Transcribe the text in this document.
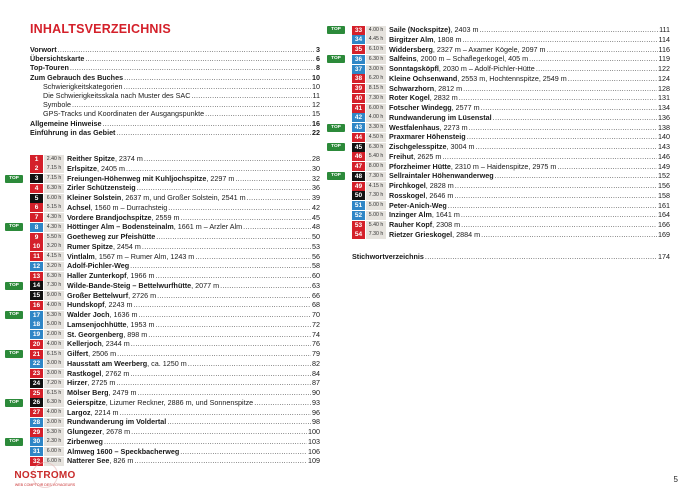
INHALTSVERZEICHNIS
Vorwort .....	3
Übersichtskarte .....	6
Top-Touren .....	8
Zum Gebrauch des Buches .....	10
Schwierigkeitskategorien .....	10
Die Schwierigkeitsskala nach Muster des SAC .....	11
Symbole .....	12
GPS-Tracks und Koordinaten der Ausgangspunkte .....	15
Allgemeine Hinweise .....	16
Einführung in das Gebiet .....	22
1	2.40 h Reither Spitze , 2374 m .....	28
2	7.15 h Erlspitze , 2405 m .....	30
TOP	3	7.15 h Freiungen-Höhenweg mit Kuhljochspitze , 2297 m .....	32
4	6.30 h Zirler Schützensteig .....	36
5	6.00 h Kleiner Solstein , 2637 m, und Großer Solstein, 2541 m .....	39
6	5.15 h Achsel , 1560 m – Durrachsteig .....	42
7	4.30 h Vordere Brandjochspitze , 2559 m .....	45
TOP	8	4.30 h Höttinger Alm – Bodensteinalm , 1661 m – Arzler Alm .....	48
9	5.50 h Goetheweg zur Pfeishütte .....	50
10	3.20 h Rumer Spitze , 2454 m .....	53
11	4.15 h Vintlalm , 1567 m – Rumer Alm, 1243 m .....	56
12	3.20 h Adolf-Pichler-Weg .....	58
13	6.30 h Haller Zunterkopf , 1966 m .....	60
TOP	14	7.30 h Wilde-Bande-Steig – Bettelwurfhütte , 2077 m .....	63
15	9.00 h Großer Bettelwurf , 2726 m .....	66
16	4.00 h Hundskopf , 2243 m .....	68
TOP	17	5.30 h Walder Joch , 1636 m .....	70
18	5.00 h Lamsenjochhütte , 1953 m .....	72
19	2.00 h St. Georgenberg , 898 m .....	74
20	4.00 h Kellerjoch , 2344 m .....	76
TOP	21	6.15 h Gilfert , 2506 m .....	79
22	3.00 h Hausstatt am Weerberg , ca. 1250 m .....	82
23	3.00 h Rastkogel , 2762 m .....	84
24	7.20 h Hirzer , 2725 m .....	87
25	6.15 h Mölser Berg , 2479 m .....	90
TOP	26	6.30 h Geierspitze , Lizumer Reckner, 2886 m, und Sonnenspitze .....	93
27	4.00 h Largoz , 2214 m .....	96
28	3.00 h Rundwanderung im Voldertal .....	98
29	5.30 h Glungezer , 2678 m .....	100
TOP	30	2.30 h Zirbenweg .....	103
31	6.00 h Almweg 1600 – Speckbacherweg .....	106
32	6.00 h Natterer See , 826 m .....	109
TOP	33	4.00 h Saile (Nockspitze) , 2403 m .....	111
34	4.45 h Birgitzer Alm , 1808 m .....	114
35	6.10 h Widdersberg , 2327 m – Axamer Kögele, 2097 m .....	116
TOP	36	6.30 h Salfeins , 2000 m – Schaflegerkogel, 405 m .....	119
37	3.00 h Sonntagsköpfl , 2030 m – Adolf-Pichler-Hütte .....	122
38	6.20 h Kleine Ochsenwand , 2553 m, Hochtennspitze, 2549 m .....	124
39	8.15 h Schwarzhorn , 2812 m .....	128
40	7.30 h Roter Kogel , 2832 m .....	131
41	6.00 h Fotscher Windegg , 2577 m .....	134
42	4.00 h Rundwanderung im Lüsenstal .....	136
TOP	43	3.30 h Westfalenhaus , 2273 m .....	138
44	4.50 h Praxmarer Höhensteig .....	140
TOP	45	6.30 h Zischgelesspitze , 3004 m .....	143
46	5.40 h Freihut , 2625 m .....	146
47	8.00 h Pforzheimer Hütte , 2310 m – Haidenspitze, 2975 m .....	149
TOP	48	7.30 h Sellraintaler Höhenwanderweg .....	152
49	4.15 h Pirchkogel , 2828 m .....	156
50	7.30 h Rosskogel , 2646 m .....	158
51	5.00 h Peter-Anich-Weg .....	161
52	5.00 h Inzinger Alm , 1641 m .....	164
53	5.40 h Rauher Kopf , 2308 m .....	166
54	7.30 h Rietzer Grieskogel , 2884 m .....	169
Stichwortverzeichnis .....	174
NOSTROMO
WEB COMPTOIR DES VOYAGEURS
5
